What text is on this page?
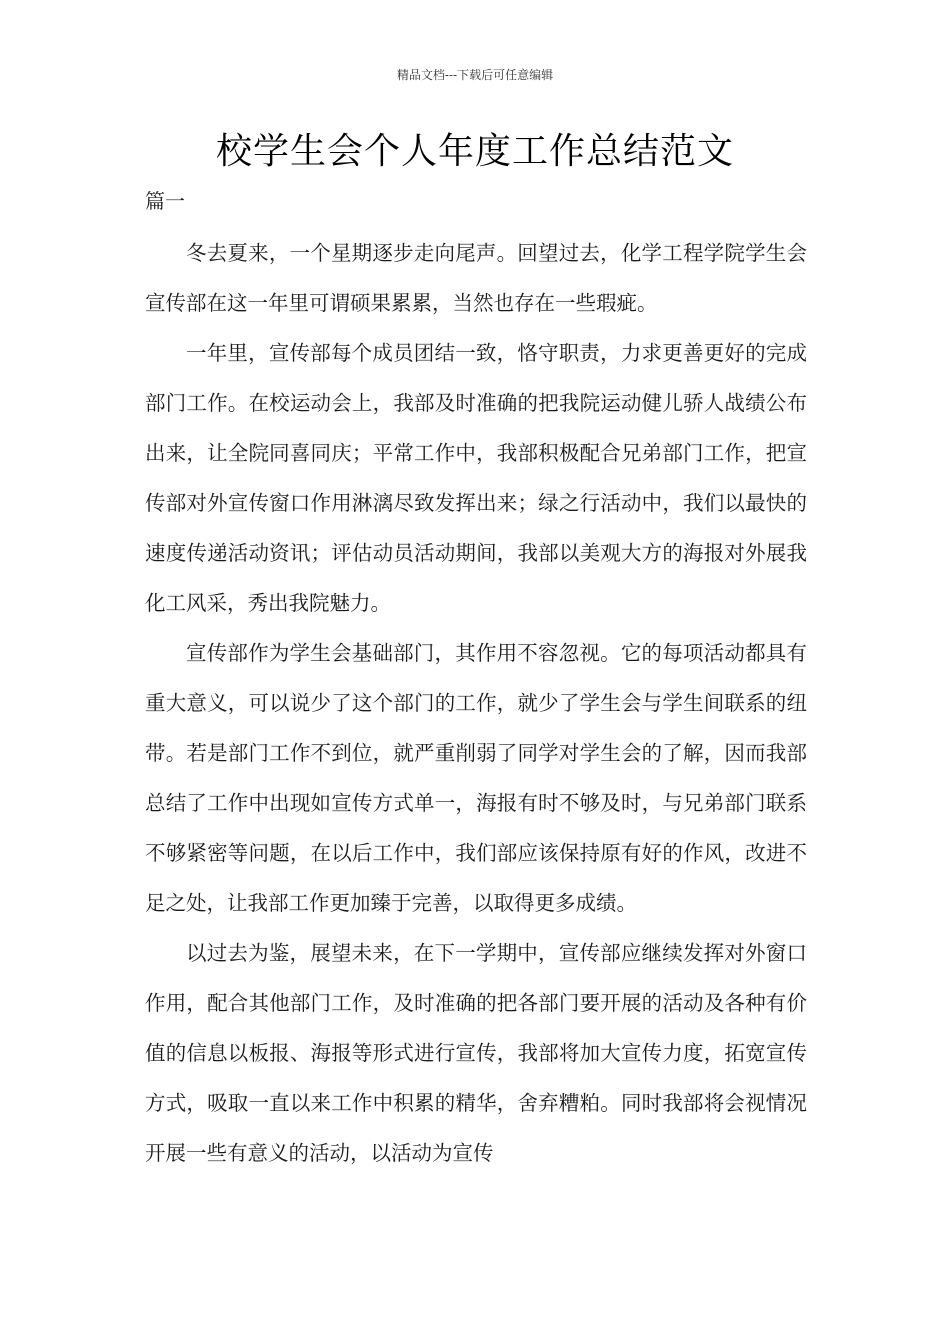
精品文档---下载后可任意编辑
校学生会个人年度工作总结范文
篇一

冬去夏来，一个星期逐步走向尾声。回望过去，化学工程学院学生会宣传部在这一年里可谓硕果累累，当然也存在一些瑕疵。

一年里，宣传部每个成员团结一致，恪守职责，力求更善更好的完成部门工作。在校运动会上，我部及时准确的把我院运动健儿骄人战绩公布出来，让全院同喜同庆；平常工作中，我部积极配合兄弟部门工作，把宣传部对外宣传窗口作用淋漓尽致发挥出来；绿之行活动中，我们以最快的速度传递活动资讯；评估动员活动期间，我部以美观大方的海报对外展我化工风采，秀出我院魅力。

宣传部作为学生会基础部门，其作用不容忽视。它的每项活动都具有重大意义，可以说少了这个部门的工作，就少了学生会与学生间联系的纽带。若是部门工作不到位，就严重削弱了同学对学生会的了解，因而我部总结了工作中出现如宣传方式单一，海报有时不够及时，与兄弟部门联系不够紧密等问题，在以后工作中，我们部应该保持原有好的作风，改进不足之处，让我部工作更加臻于完善，以取得更多成绩。

以过去为鉴，展望未来，在下一学期中，宣传部应继续发挥对外窗口作用，配合其他部门工作，及时准确的把各部门要开展的活动及各种有价值的信息以板报、海报等形式进行宣传，我部将加大宣传力度，拓宽宣传方式，吸取一直以来工作中积累的精华，舍弃糟粕。同时我部将会视情况开展一些有意义的活动，以活动为宣传
